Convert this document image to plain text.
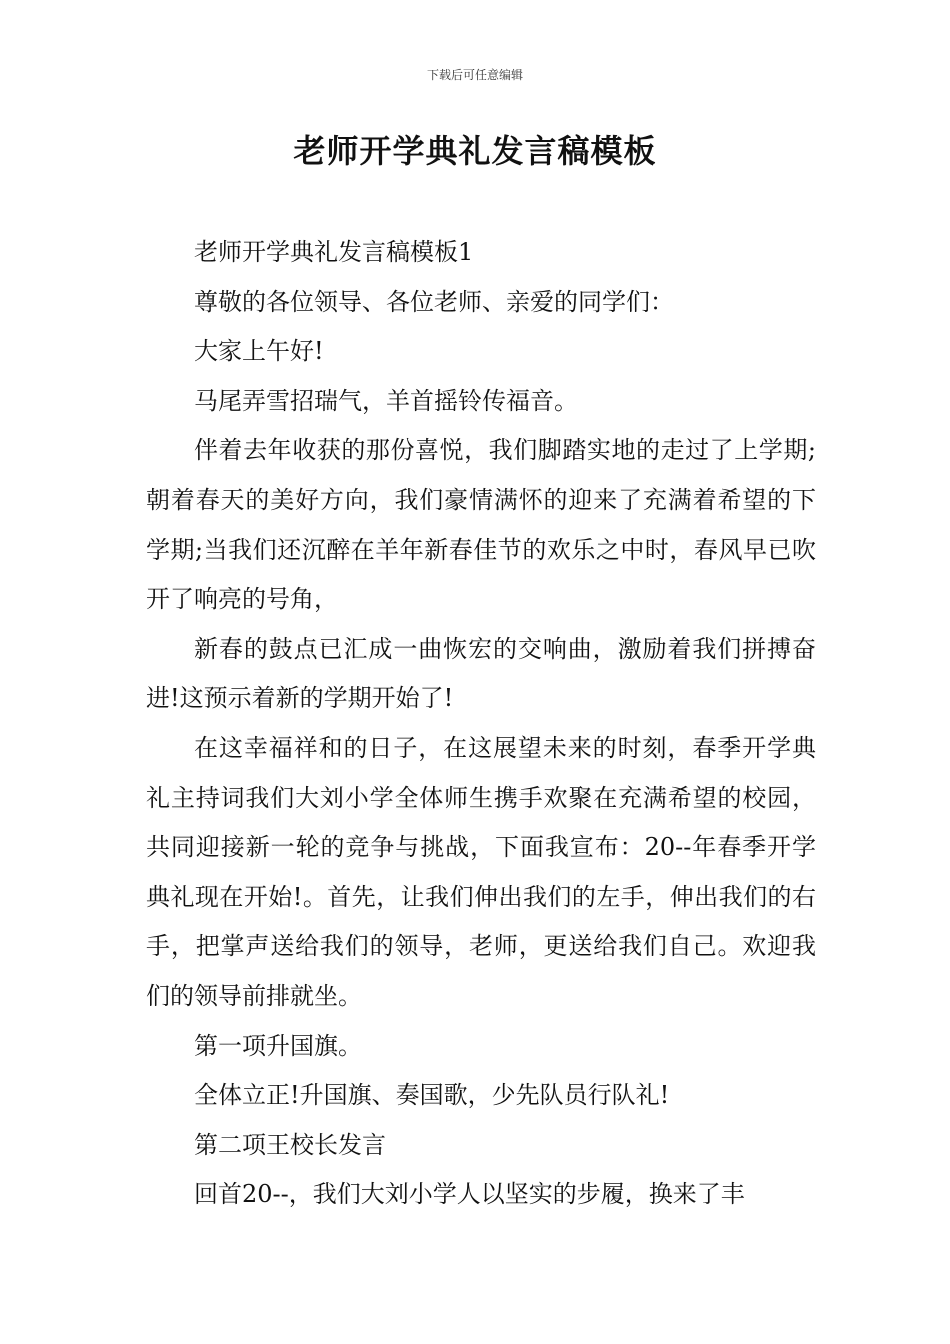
下载后可任意编辑
老师开学典礼发言稿模板

老师开学典礼发言稿模板1

尊敬的各位领导、各位老师、亲爱的同学们：

大家上午好!

马尾弄雪招瑞气，羊首摇铃传福音。

伴着去年收获的那份喜悦，我们脚踏实地的走过了上学期;朝着春天的美好方向，我们豪情满怀的迎来了充满着希望的下学期;当我们还沉醉在羊年新春佳节的欢乐之中时，春风早已吹开了响亮的号角，

新春的鼓点已汇成一曲恢宏的交响曲，激励着我们拼搏奋进!这预示着新的学期开始了!

在这幸福祥和的日子，在这展望未来的时刻，春季开学典礼主持词我们大刘小学全体师生携手欢聚在充满希望的校园，共同迎接新一轮的竞争与挑战，下面我宣布：20--年春季开学典礼现在开始!。首先，让我们伸出我们的左手，伸出我们的右手，把掌声送给我们的领导，老师，更送给我们自己。欢迎我们的领导前排就坐。

第一项升国旗。

全体立正!升国旗、奏国歌，少先队员行队礼!

第二项王校长发言

回首20--，我们大刘小学人以坚实的步履，换来了丰
